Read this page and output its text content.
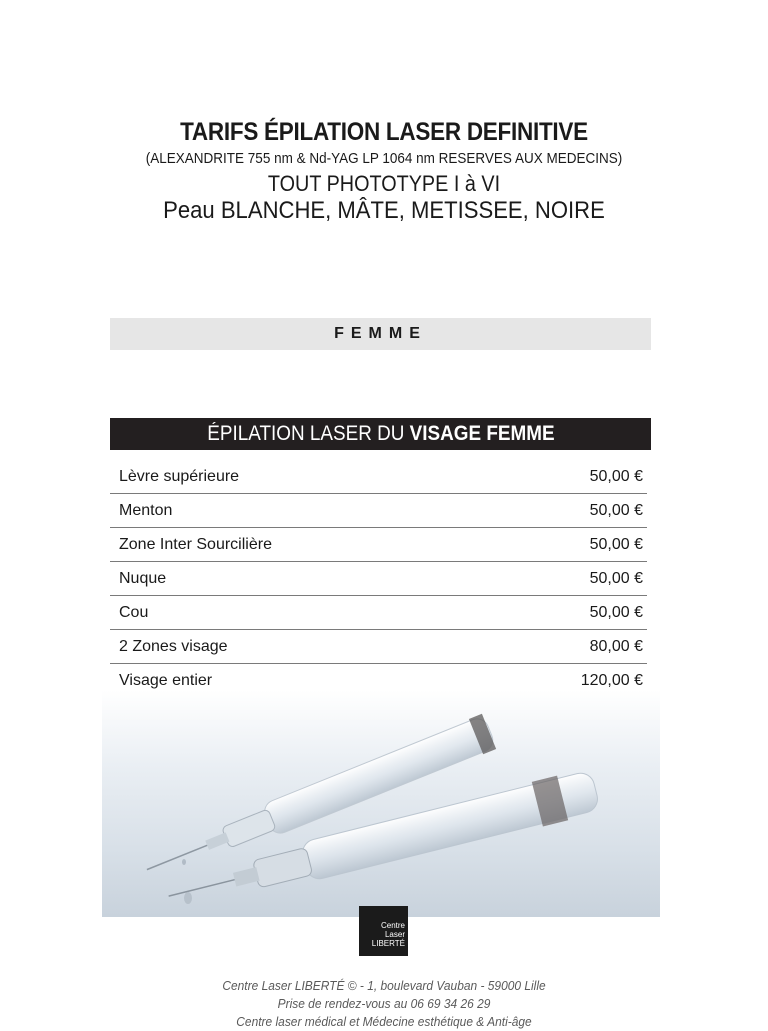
TARIFS ÉPILATION LASER DEFINITIVE
(ALEXANDRITE 755 nm & Nd-YAG LP 1064 nm RESERVES AUX MEDECINS)
TOUT PHOTOTYPE I à VI
Peau BLANCHE, MÂTE, METISSEE, NOIRE
FEMME
ÉPILATION LASER DU VISAGE FEMME
Lèvre supérieure	50,00 €
Menton	50,00 €
Zone Inter Sourcilière	50,00 €
Nuque	50,00 €
Cou	50,00 €
2 Zones visage	80,00 €
Visage entier	120,00 €
Centre
Laser
LIBERTÉ
Centre Laser LIBERTÉ © - 1, boulevard Vauban - 59000 Lille
Prise de rendez-vous au 06 69 34 26 29
Centre laser médical et Médecine esthétique & Anti-âge
